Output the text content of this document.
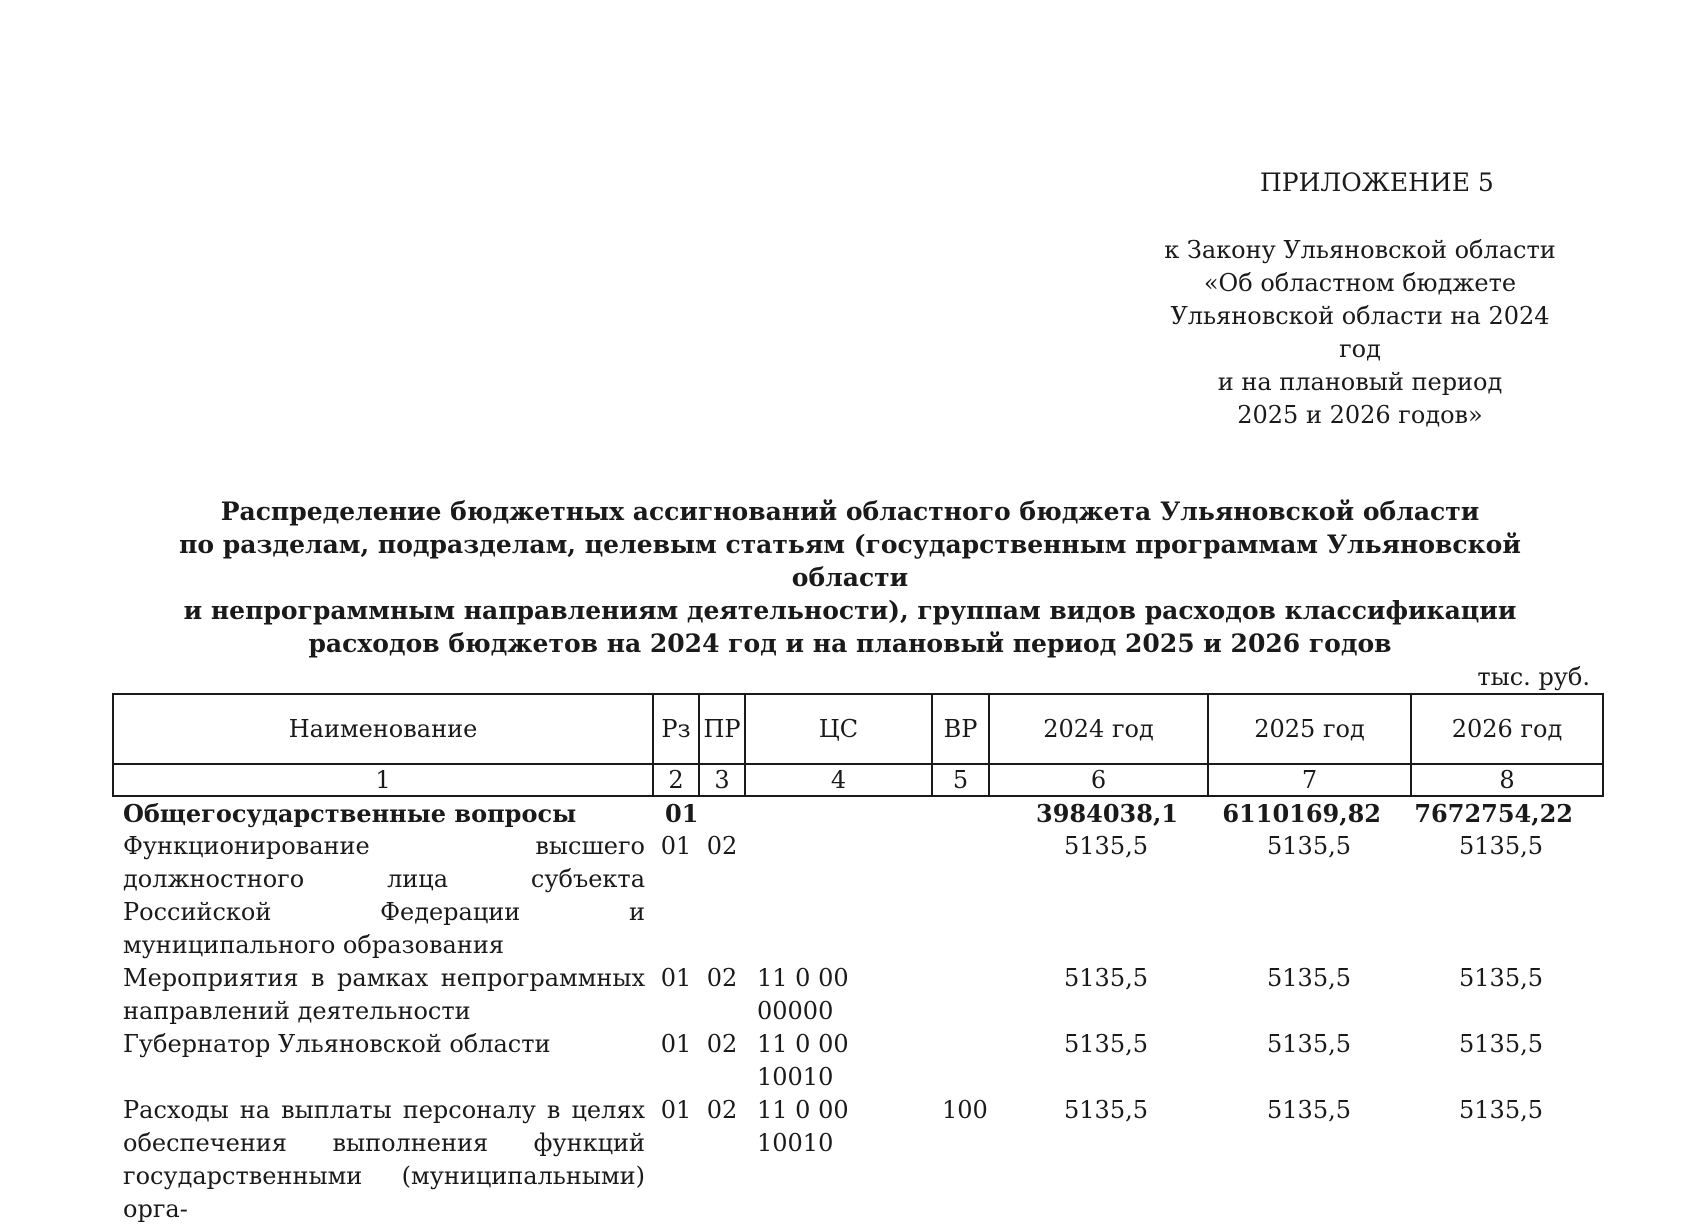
ПРИЛОЖЕНИЕ 5
к Закону Ульяновской области
«Об областном бюджете
Ульяновской области на 2024 год
и на плановый период
2025 и 2026 годов»
Распределение бюджетных ассигнований областного бюджета Ульяновской области
по разделам, подразделам, целевым статьям (государственным программам Ульяновской области
и непрограммным направлениям деятельности), группам видов расходов классификации
расходов бюджетов на 2024 год и на плановый период 2025 и 2026 годов
тыс. руб.
Наименование	Рз	ПР	ЦС	ВР	2024 год	2025 год	2026 год
1	2	3	4	5	6	7	8
Общегосударственные вопросы	01				3984038,1	6110169,82	7672754,22
Функционирование высшего должностного лица субъекта Российской Федерации и муниципального образования	01	02			5135,5	5135,5	5135,5
Мероприятия в рамках непрограммных направлений деятельности	01	02	11 0 00 00000		5135,5	5135,5	5135,5
Губернатор Ульяновской области	01	02	11 0 00 10010		5135,5	5135,5	5135,5
Расходы на выплаты персоналу в целях обеспечения выполнения функций государственными (муниципальными) орга-	01	02	11 0 00 10010	100	5135,5	5135,5	5135,5
